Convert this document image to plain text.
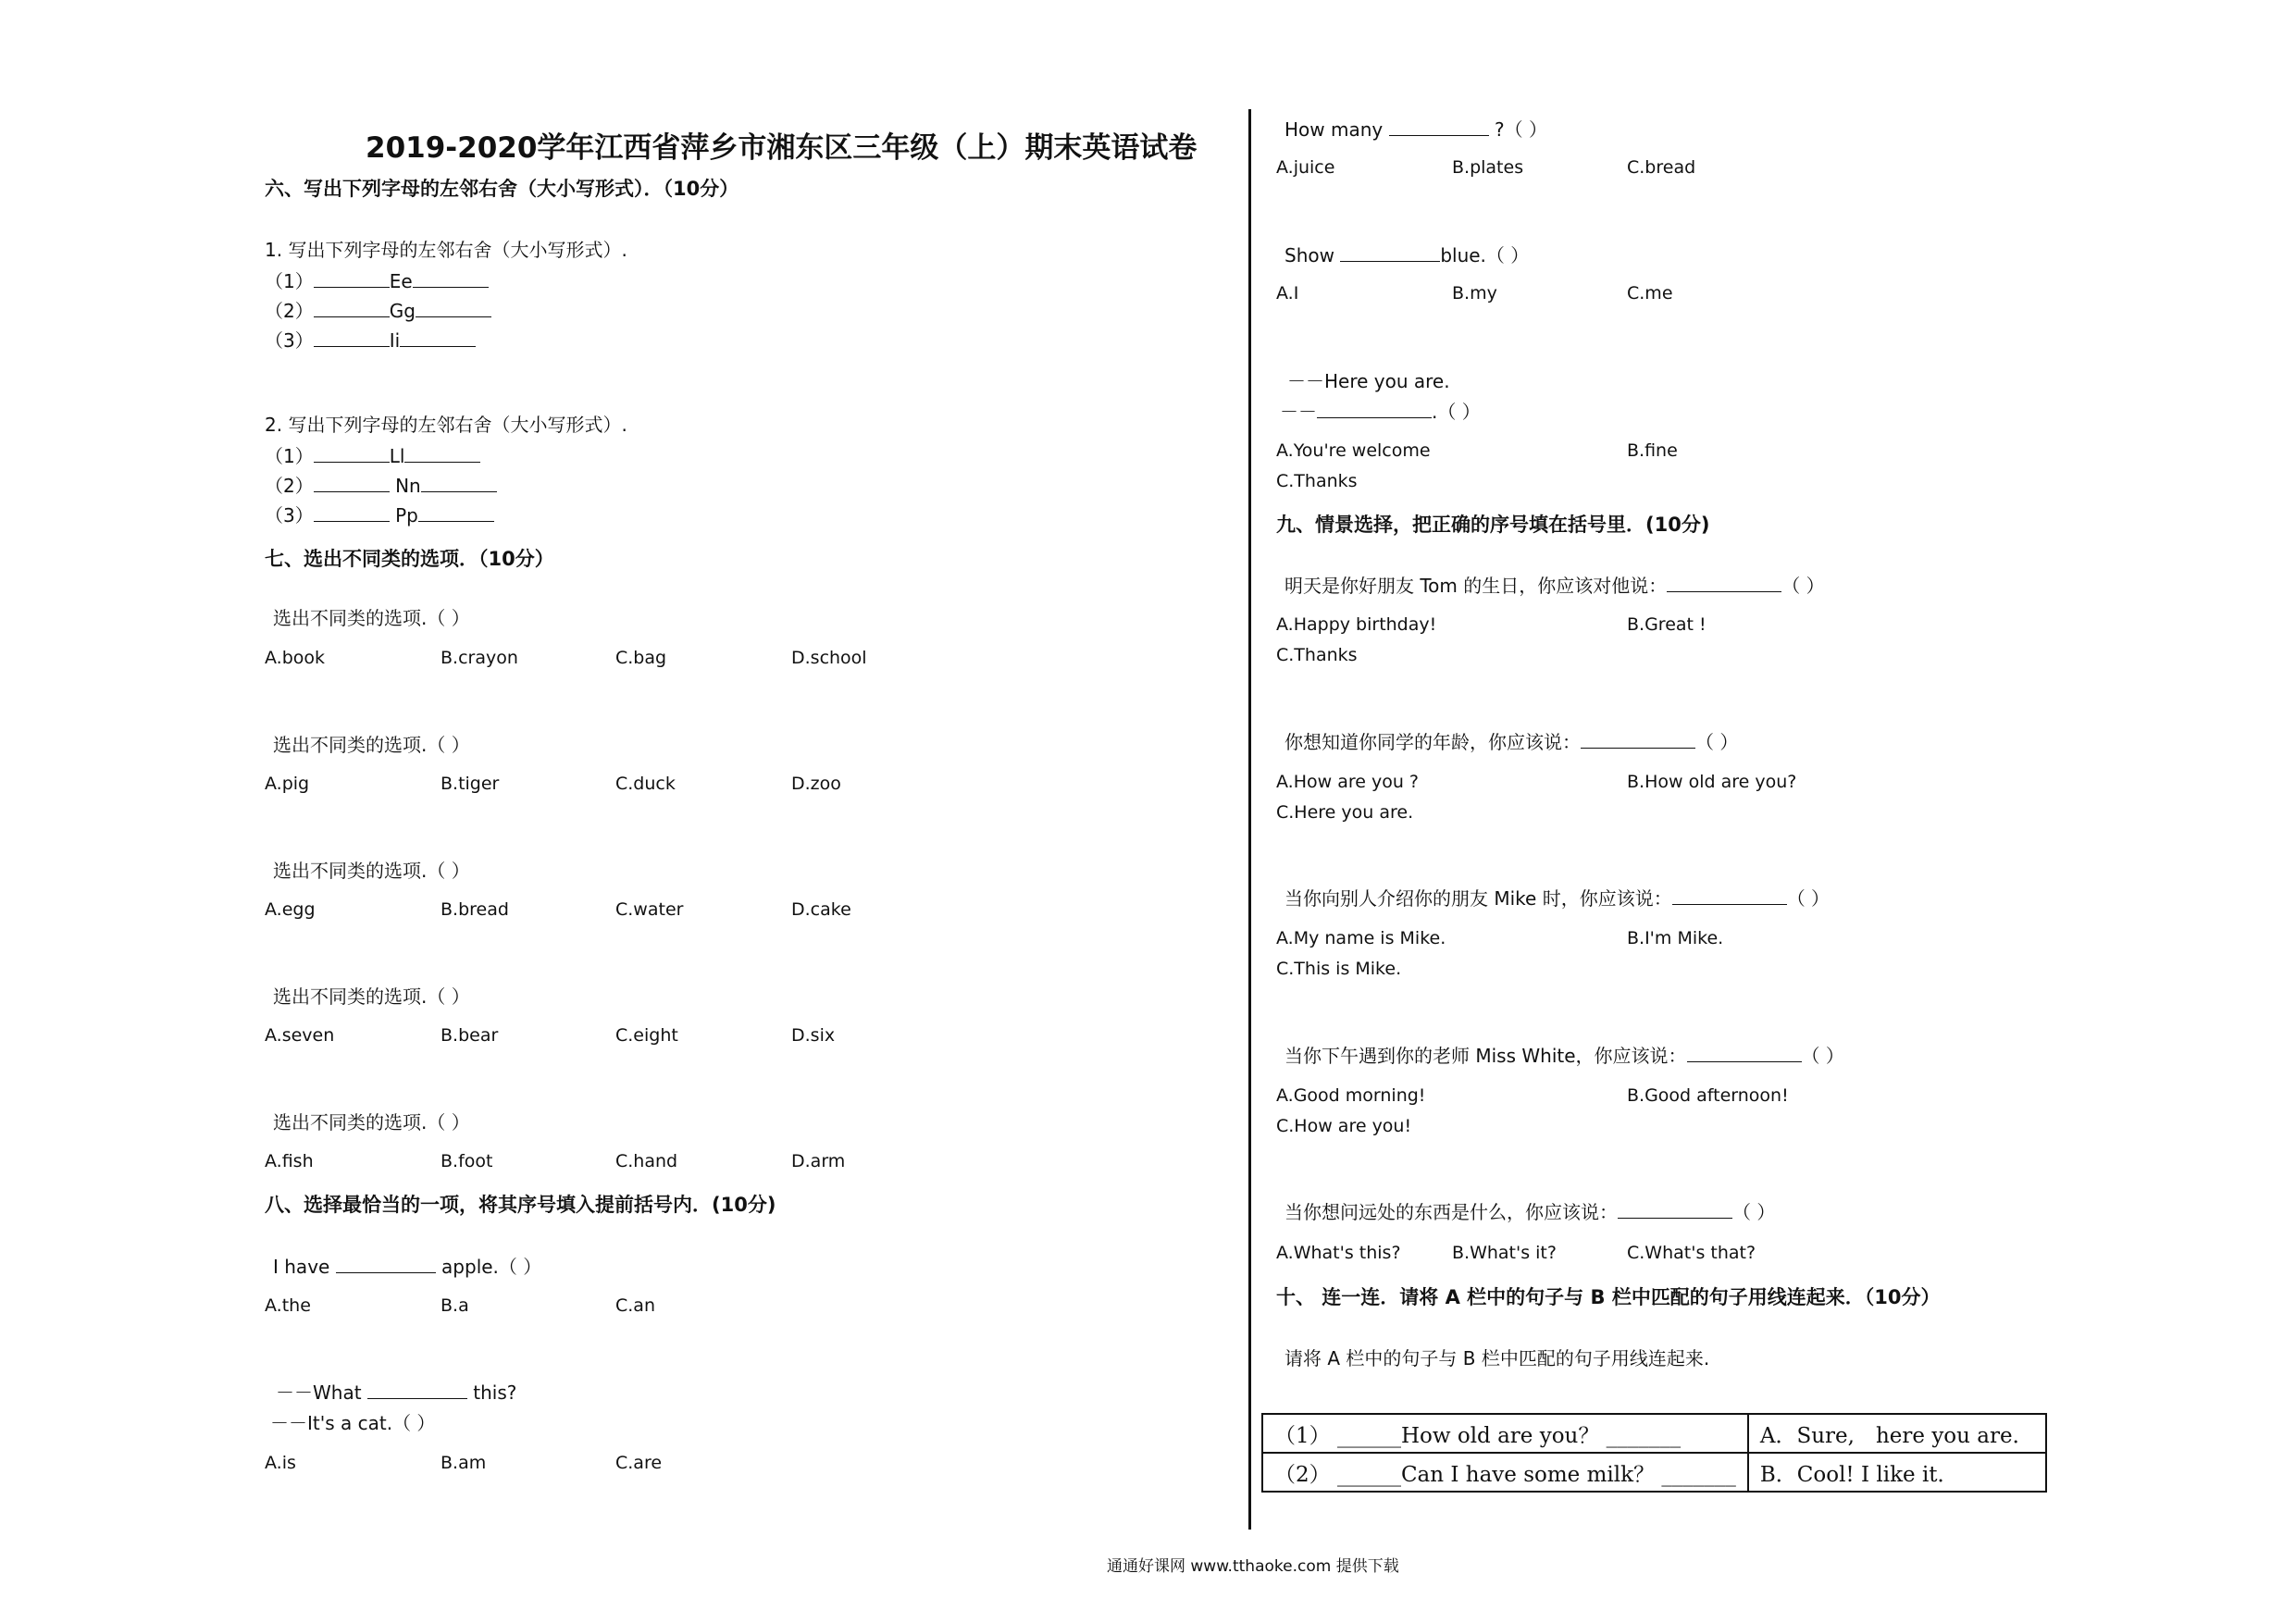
2019-2020学年江西省萍乡市湘东区三年级（上）期末英语试卷
六、写出下列字母的左邻右舍（大小写形式）．（10分）
1. 写出下列字母的左邻右舍（大小写形式）.
（1）	Ee
（2）	Gg
（3）	Ii
2. 写出下列字母的左邻右舍（大小写形式）.
（1）	Ll
（2）	Nn
（3）	Pp
七、选出不同类的选项．（10分）
选出不同类的选项.（ ）
A.book	B.crayon	C.bag	D.school
选出不同类的选项.（ ）
A.pig	B.tiger	C.duck	D.zoo
选出不同类的选项.（ ）
A.egg	B.bread	C.water	D.cake
选出不同类的选项.（ ）
A.seven	B.bear	C.eight	D.six
选出不同类的选项.（ ）
A.fish	B.foot	C.hand	D.arm
八、选择最恰当的一项，将其序号填入提前括号内．(10分)
I have	apple.（ ）
A.the	B.a	C.an
－－What	this?
－－It's a cat.（ ）
A.is	B.am	C.are
How many	?（ ）
A.juice	B.plates	C.bread
Show	blue.（ ）
A.I	B.my	C.me
－－Here you are.
－－	.（ ）
A.You're welcome	B.fine
C.Thanks
九、情景选择，把正确的序号填在括号里．(10分)
明天是你好朋友 Tom 的生日，你应该对他说：	（ ）
A.Happy birthday!	B.Great !
C.Thanks
你想知道你同学的年龄，你应该说：	（ ）
A.How are you ?	B.How old are you?
C.Here you are.
当你向别人介绍你的朋友 Mike 时，你应该说：	（ ）
A.My name is Mike.	B.I'm Mike.
C.This is Mike.
当你下午遇到你的老师 Miss White，你应该说：	（ ）
A.Good morning!	B.Good afternoon!
C.How are you!
当你想问远处的东西是什么，你应该说：	（ ）
A.What's this?	B.What's it?	C.What's that?
十、 连一连．请将 A 栏中的句子与 B 栏中匹配的句子用线连起来．（10分）
请将 A 栏中的句子与 B 栏中匹配的句子用线连起来.
（1） ______How old are you？ _______	A．Sure,　here you are．
（2） ______Can I have some milk？ _______	B．Cool! I like it．
通通好课网 www.tthaoke.com 提供下载
